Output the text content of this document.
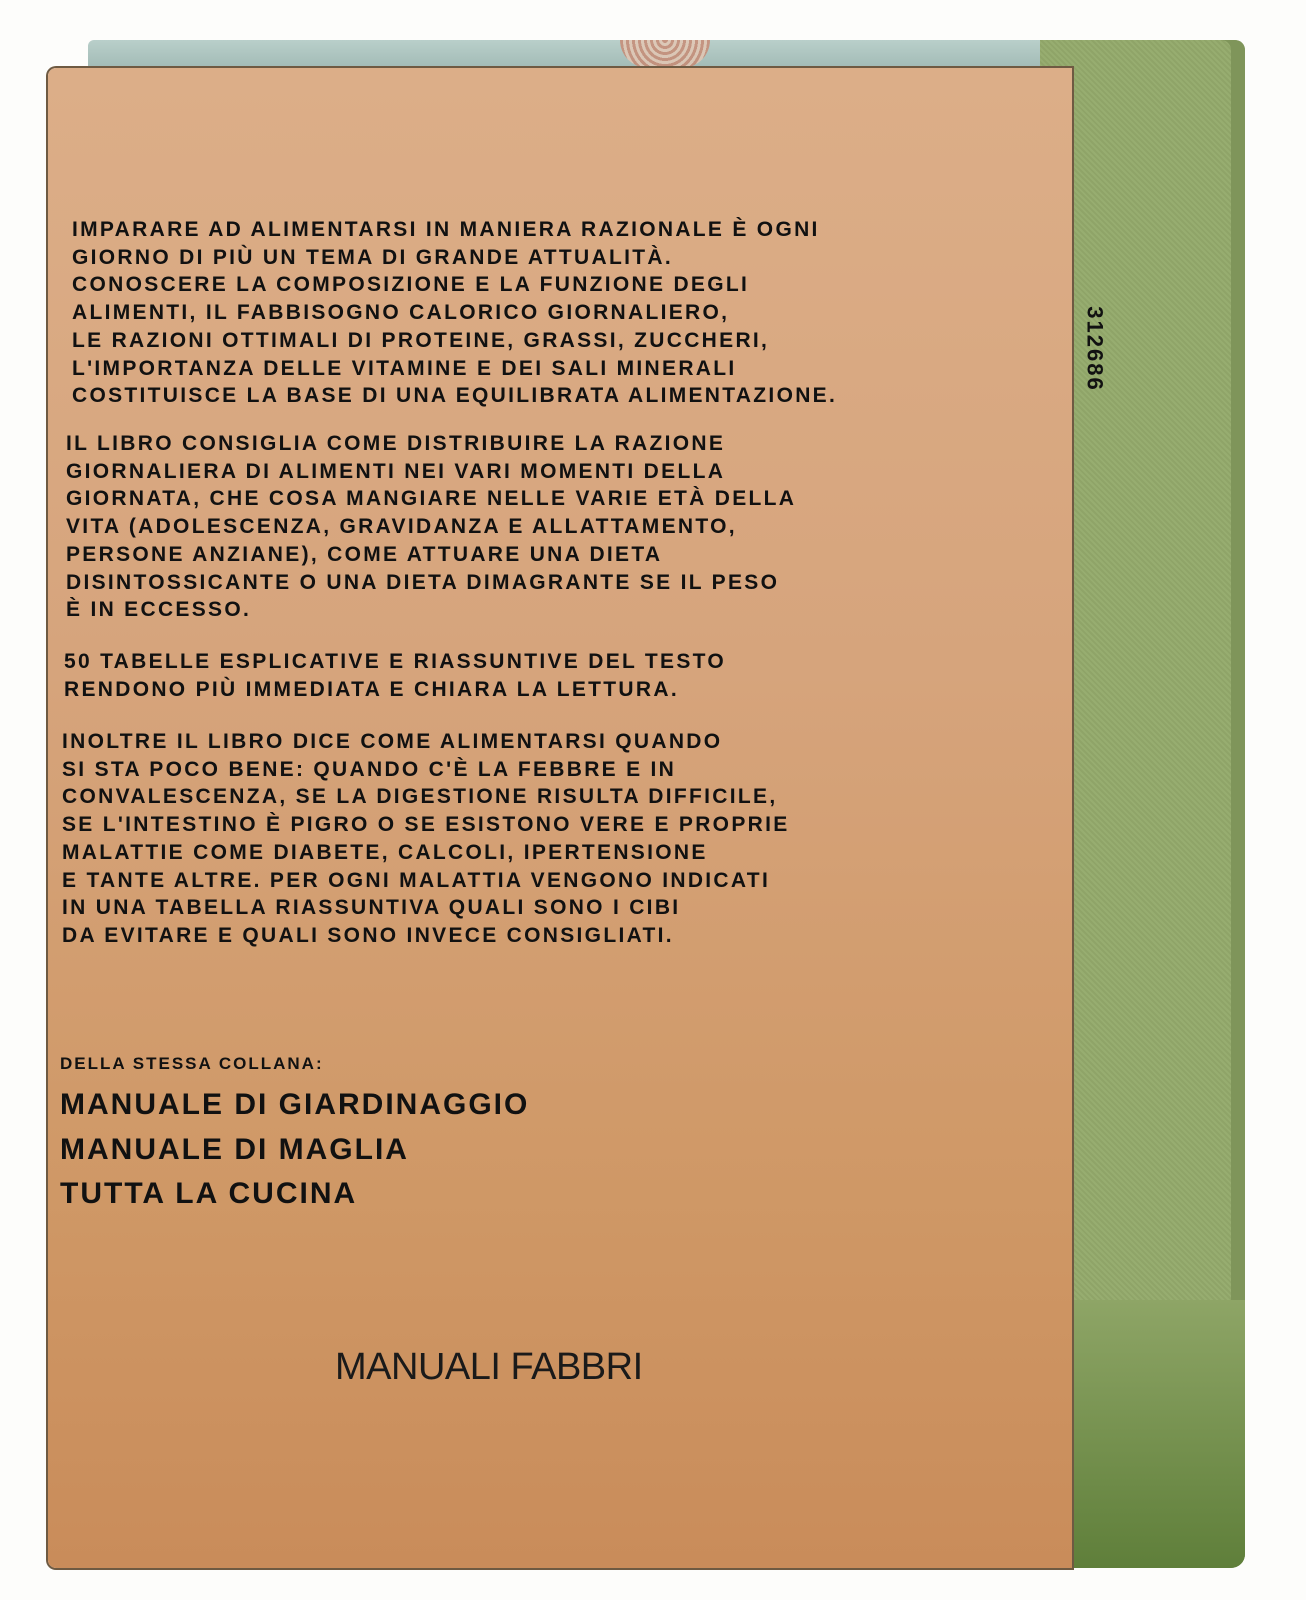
IMPARARE AD ALIMENTARSI IN MANIERA RAZIONALE È OGNI
GIORNO DI PIÙ UN TEMA DI GRANDE ATTUALITÀ.
CONOSCERE LA COMPOSIZIONE E LA FUNZIONE DEGLI
ALIMENTI, IL FABBISOGNO CALORICO GIORNALIERO,
LE RAZIONI OTTIMALI DI PROTEINE, GRASSI, ZUCCHERI,
L'IMPORTANZA DELLE VITAMINE E DEI SALI MINERALI
COSTITUISCE LA BASE DI UNA EQUILIBRATA ALIMENTAZIONE.
IL LIBRO CONSIGLIA COME DISTRIBUIRE LA RAZIONE
GIORNALIERA DI ALIMENTI NEI VARI MOMENTI DELLA
GIORNATA, CHE COSA MANGIARE NELLE VARIE ETÀ DELLA
VITA (ADOLESCENZA, GRAVIDANZA E ALLATTAMENTO,
PERSONE ANZIANE), COME ATTUARE UNA DIETA
DISINTOSSICANTE O UNA DIETA DIMAGRANTE SE IL PESO
È IN ECCESSO.
50 TABELLE ESPLICATIVE E RIASSUNTIVE DEL TESTO
RENDONO PIÙ IMMEDIATA E CHIARA LA LETTURA.
INOLTRE IL LIBRO DICE COME ALIMENTARSI QUANDO
SI STA POCO BENE: QUANDO C'È LA FEBBRE E IN
CONVALESCENZA, SE LA DIGESTIONE RISULTA DIFFICILE,
SE L'INTESTINO È PIGRO O SE ESISTONO VERE E PROPRIE
MALATTIE COME DIABETE, CALCOLI, IPERTENSIONE
E TANTE ALTRE. PER OGNI MALATTIA VENGONO INDICATI
IN UNA TABELLA RIASSUNTIVA QUALI SONO I CIBI
DA EVITARE E QUALI SONO INVECE CONSIGLIATI.
312686
DELLA STESSA COLLANA:
MANUALE DI GIARDINAGGIO
MANUALE DI MAGLIA
TUTTA LA CUCINA
MANUALI FABBRI
